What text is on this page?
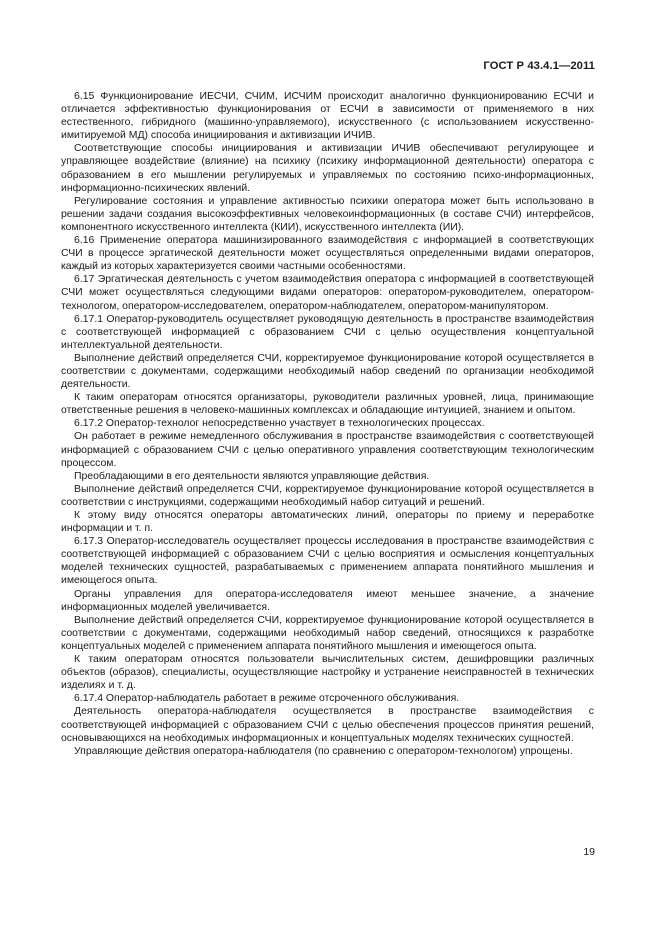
ГОСТ Р 43.4.1—2011

6.15 Функционирование ИЕСЧИ, СЧИМ, ИСЧИМ происходит аналогично функционированию ЕСЧИ и отличается эффективностью функционирования от ЕСЧИ в зависимости от применяемого в них естественного, гибридного (машинно-управляемого), искусственного (с использованием искусственно-имитируемой МД) способа инициирования и активизации ИЧИВ.

Соответствующие способы инициирования и активизации ИЧИВ обеспечивают регулирующее и управляющее воздействие (влияние) на психику (психику информационной деятельности) оператора с образованием в его мышлении регулируемых и управляемых по состоянию психо-информационных, информационно-психических явлений.

Регулирование состояния и управление активностью психики оператора может быть использовано в решении задачи создания высокоэффективных человекоинформационных (в составе СЧИ) интерфейсов, компонентного искусственного интеллекта (КИИ), искусственного интеллекта (ИИ).

6.16 Применение оператора машинизированного взаимодействия с информацией в соответствующих СЧИ в процессе эргатической деятельности может осуществляться определенными видами операторов, каждый из которых характеризуется своими частными особенностями.

6.17 Эргатическая деятельность с учетом взаимодействия оператора с информацией в соответствующей СЧИ может осуществляться следующими видами операторов: оператором-руководителем, оператором-технологом, оператором-исследователем, оператором-наблюдателем, оператором-манипулятором.

6.17.1 Оператор-руководитель осуществляет руководящую деятельность в пространстве взаимодействия с соответствующей информацией с образованием СЧИ с целью осуществления концептуальной интеллектуальной деятельности.

Выполнение действий определяется СЧИ, корректируемое функционирование которой осуществляется в соответствии с документами, содержащими необходимый набор сведений по организации необходимой деятельности.

К таким операторам относятся организаторы, руководители различных уровней, лица, принимающие ответственные решения в человеко-машинных комплексах и обладающие интуицией, знанием и опытом.

6.17.2 Оператор-технолог непосредственно участвует в технологических процессах.

Он работает в режиме немедленного обслуживания в пространстве взаимодействия с соответствующей информацией с образованием СЧИ с целью оперативного управления соответствующим технологическим процессом.

Преобладающими в его деятельности являются управляющие действия.

Выполнение действий определяется СЧИ, корректируемое функционирование которой осуществляется в соответствии с инструкциями, содержащими необходимый набор ситуаций и решений.

К этому виду относятся операторы автоматических линий, операторы по приему и переработке информации и т. п.

6.17.3 Оператор-исследователь осуществляет процессы исследования в пространстве взаимодействия с соответствующей информацией с образованием СЧИ с целью восприятия и осмысления концептуальных моделей технических сущностей, разрабатываемых с применением аппарата понятийного мышления и имеющегося опыта.

Органы управления для оператора-исследователя имеют меньшее значение, а значение информационных моделей увеличивается.

Выполнение действий определяется СЧИ, корректируемое функционирование которой осуществляется в соответствии с документами, содержащими необходимый набор сведений, относящихся к разработке концептуальных моделей с применением аппарата понятийного мышления и имеющегося опыта.

К таким операторам относятся пользователи вычислительных систем, дешифровщики различных объектов (образов), специалисты, осуществляющие настройку и устранение неисправностей в технических изделиях и т. д.

6.17.4 Оператор-наблюдатель работает в режиме отсроченного обслуживания.

Деятельность оператора-наблюдателя осуществляется в пространстве взаимодействия с соответствующей информацией с образованием СЧИ с целью обеспечения процессов принятия решений, основывающихся на необходимых информационных и концептуальных моделях технических сущностей.

Управляющие действия оператора-наблюдателя (по сравнению с оператором-технологом) упрощены.

19
